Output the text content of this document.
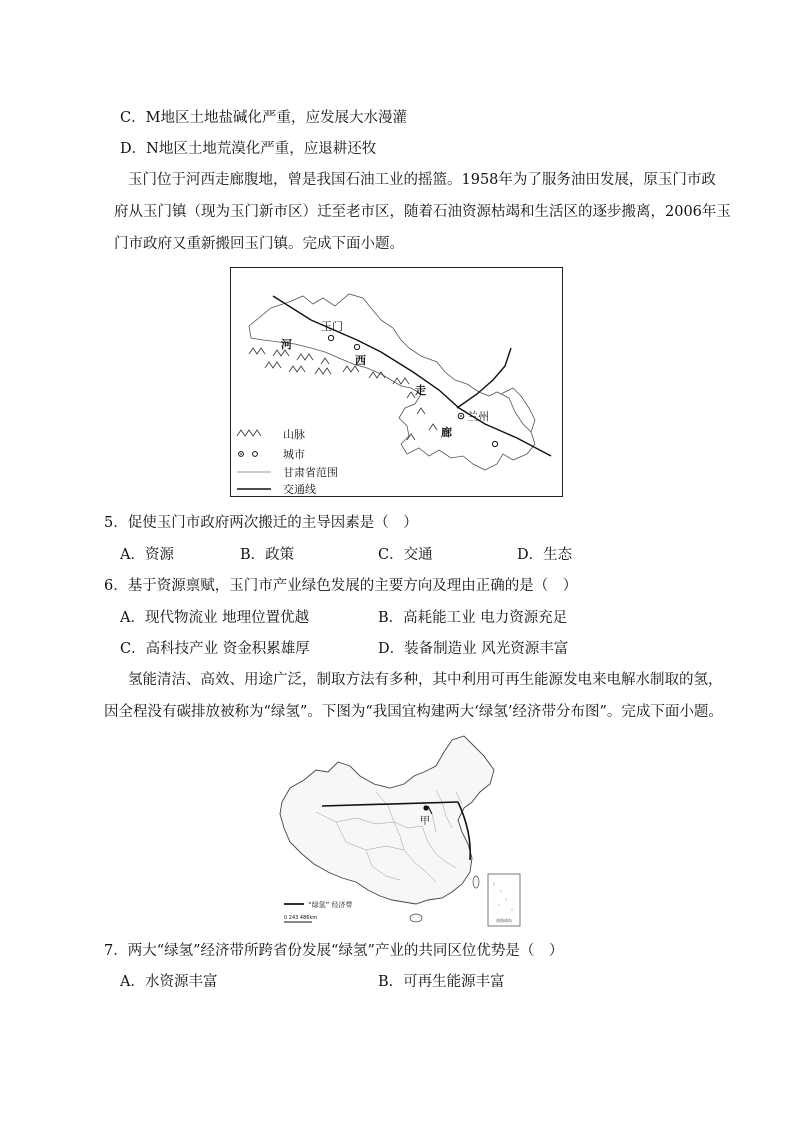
C．M地区土地盐碱化严重，应发展大水漫灌
D．N地区土地荒漠化严重，应退耕还牧
玉门位于河西走廊腹地，曾是我国石油工业的摇篮。1958年为了服务油田发展，原玉门市政
府从玉门镇（现为玉门新市区）迁至老市区，随着石油资源枯竭和生活区的逐步搬离，2006年玉
门市政府又重新搬回玉门镇。完成下面小题。
玉门
兰州
河
西
走
廊
山脉
城市
甘肃省范围
交通线
5．促使玉门市政府两次搬迁的主导因素是（　）
A．资源	B．政策	C．交通	D．生态
6．基于资源禀赋，玉门市产业绿色发展的主要方向及理由正确的是（　）
A．现代物流业 地理位置优越	B．高耗能工业 电力资源充足
C．高科技产业 资金积累雄厚	D．装备制造业 风光资源丰富
氢能清洁、高效、用途广泛，制取方法有多种，其中利用可再生能源发电来电解水制取的氢，
因全程没有碳排放被称为“绿氢”。下图为“我国宜构建两大‘绿氢’经济带分布图”。完成下面小题。
甲
“绿氢” 经济带
0 243 486km	南海诸岛
7．两大“绿氢”经济带所跨省份发展“绿氢”产业的共同区位优势是（　）
A．水资源丰富	B．可再生能源丰富
